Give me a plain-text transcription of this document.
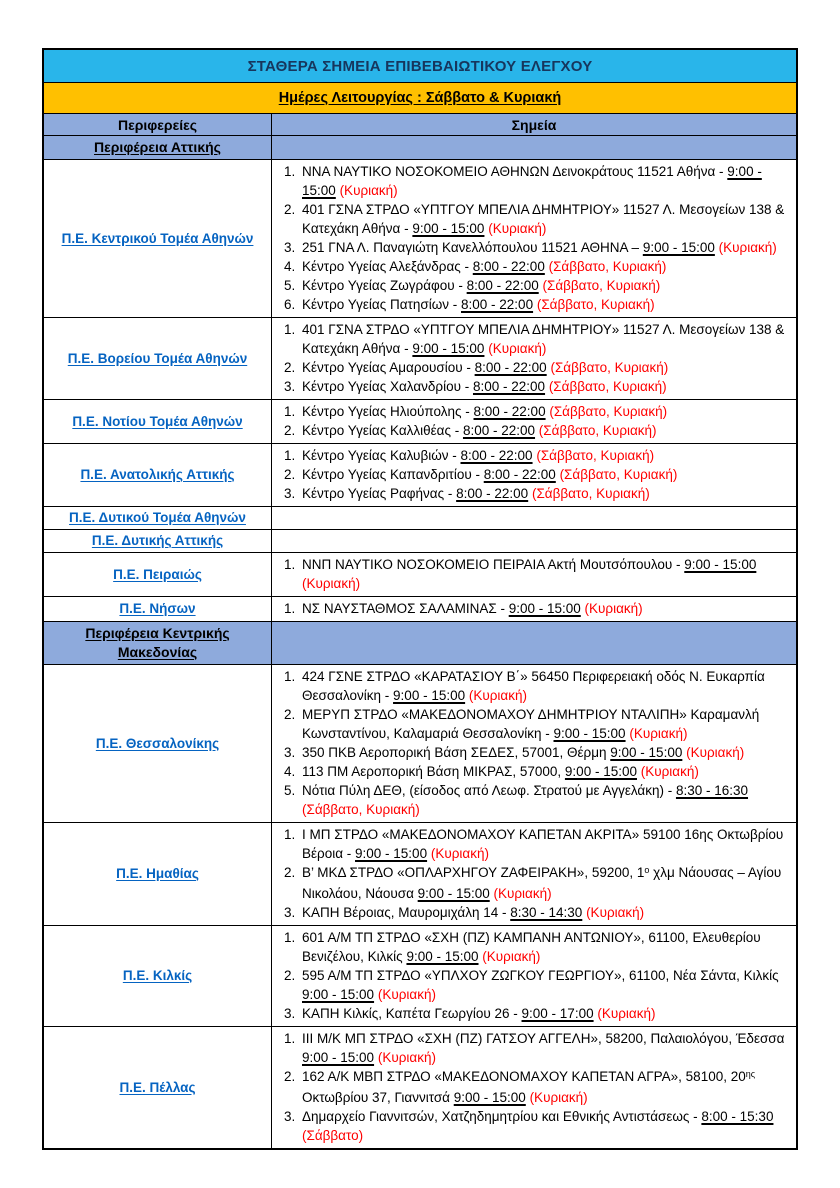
ΣΤΑΘΕΡΑ ΣΗΜΕΙΑ ΕΠΙΒΕΒΑΙΩΤΙΚΟΥ ΕΛΕΓΧΟΥ
Ημέρες Λειτουργίας : Σάββατο & Κυριακή
Περιφερείες	Σημεία
Περιφέρεια Αττικής
Π.Ε. Κεντρικού Τομέα Αθηνών
1. ΝΝΑ ΝΑΥΤΙΚΟ ΝΟΣΟΚΟΜΕΙΟ ΑΘΗΝΩΝ Δεινοκράτους 11521 Αθήνα - 9:00 - 15:00 (Κυριακή)
2. 401 ΓΣΝΑ ΣΤΡΔΟ «ΥΠΤΓΟΥ ΜΠΕΛΙΑ ΔΗΜΗΤΡΙΟΥ» 11527 Λ. Μεσογείων 138 & Κατεχάκη Αθήνα - 9:00 - 15:00 (Κυριακή)
3. 251 ΓΝΑ Λ. Παναγιώτη Κανελλόπουλου 11521 ΑΘΗΝΑ – 9:00 - 15:00 (Κυριακή)
4. Κέντρο Υγείας Αλεξάνδρας - 8:00 - 22:00 (Σάββατο, Κυριακή)
5. Κέντρο Υγείας Ζωγράφου - 8:00 - 22:00 (Σάββατο, Κυριακή)
6. Κέντρο Υγείας Πατησίων - 8:00 - 22:00 (Σάββατο, Κυριακή)
Π.Ε. Βορείου Τομέα Αθηνών
1. 401 ΓΣΝΑ ΣΤΡΔΟ «ΥΠΤΓΟΥ ΜΠΕΛΙΑ ΔΗΜΗΤΡΙΟΥ» 11527 Λ. Μεσογείων 138 & Κατεχάκη Αθήνα - 9:00 - 15:00 (Κυριακή)
2. Κέντρο Υγείας Αμαρουσίου - 8:00 - 22:00 (Σάββατο, Κυριακή)
3. Κέντρο Υγείας Χαλανδρίου - 8:00 - 22:00 (Σάββατο, Κυριακή)
Π.Ε. Νοτίου Τομέα Αθηνών
1. Κέντρο Υγείας Ηλιούπολης - 8:00 - 22:00 (Σάββατο, Κυριακή)
2. Κέντρο Υγείας Καλλιθέας - 8:00 - 22:00 (Σάββατο, Κυριακή)
Π.Ε. Ανατολικής Αττικής
1. Κέντρο Υγείας Καλυβιών - 8:00 - 22:00 (Σάββατο, Κυριακή)
2. Κέντρο Υγείας Καπανδριτίου - 8:00 - 22:00 (Σάββατο, Κυριακή)
3. Κέντρο Υγείας Ραφήνας - 8:00 - 22:00 (Σάββατο, Κυριακή)
Π.Ε. Δυτικού Τομέα Αθηνών
Π.Ε. Δυτικής Αττικής
Π.Ε. Πειραιώς
1. ΝΝΠ ΝΑΥΤΙΚΟ ΝΟΣΟΚΟΜΕΙΟ ΠΕΙΡΑΙΑ Ακτή Μουτσόπουλου - 9:00 - 15:00 (Κυριακή)
Π.Ε. Νήσων	1. ΝΣ ΝΑΥΣΤΑΘΜΟΣ ΣΑΛΑΜΙΝΑΣ - 9:00 - 15:00 (Κυριακή)
Περιφέρεια Κεντρικής Μακεδονίας
Π.Ε. Θεσσαλονίκης
1. 424 ΓΣΝΕ ΣΤΡΔΟ «ΚΑΡΑΤΑΣΙΟΥ Β΄» 56450 Περιφερειακή οδός Ν. Ευκαρπία Θεσσαλονίκη - 9:00 - 15:00 (Κυριακή)
2. ΜΕΡΥΠ ΣΤΡΔΟ «ΜΑΚΕΔΟΝΟΜΑΧΟΥ ΔΗΜΗΤΡΙΟΥ ΝΤΑΛΙΠΗ» Καραμανλή Κωνσταντίνου, Καλαμαριά Θεσσαλονίκη - 9:00 - 15:00 (Κυριακή)
3. 350 ΠΚΒ Αεροπορική Βάση ΣΕΔΕΣ, 57001, Θέρμη 9:00 - 15:00 (Κυριακή)
4. 113 ΠΜ Αεροπορική Βάση ΜΙΚΡΑΣ, 57000, 9:00 - 15:00 (Κυριακή)
5. Νότια Πύλη ΔΕΘ, (είσοδος από Λεωφ. Στρατού με Αγγελάκη) - 8:30 - 16:30 (Σάββατο, Κυριακή)
Π.Ε. Ημαθίας
1. Ι ΜΠ ΣΤΡΔΟ «ΜΑΚΕΔΟΝΟΜΑΧΟΥ ΚΑΠΕΤΑΝ ΑΚΡΙΤΑ» 59100 16ης Οκτωβρίου Βέροια - 9:00 - 15:00 (Κυριακή)
2. Β’ ΜΚΔ ΣΤΡΔΟ «ΟΠΛΑΡΧΗΓΟΥ ΖΑΦΕΙΡΑΚΗ», 59200, $1^o$ χλμ Νάουσας – Αγίου Νικολάου, Νάουσα 9:00 - 15:00 (Κυριακή)
3. ΚΑΠΗ Βέροιας, Μαυρομιχάλη 14 - 8:30 - 14:30 (Κυριακή)
Π.Ε. Κιλκίς
1. 601 Α/Μ ΤΠ ΣΤΡΔΟ «ΣΧΗ (ΠΖ) ΚΑΜΠΑΝΗ ΑΝΤΩΝΙΟΥ», 61100, Ελευθερίου Βενιζέλου, Κιλκίς 9:00 - 15:00 (Κυριακή)
2. 595 Α/Μ ΤΠ ΣΤΡΔΟ «ΥΠΛΧΟΥ ΖΩΓΚΟΥ ΓΕΩΡΓΙΟΥ», 61100, Νέα Σάντα, Κιλκίς 9:00 - 15:00 (Κυριακή)
3. ΚΑΠΗ Κιλκίς, Καπέτα Γεωργίου 26 - 9:00 - 17:00 (Κυριακή)
Π.Ε. Πέλλας
1. ΙΙΙ Μ/Κ ΜΠ ΣΤΡΔΟ «ΣΧΗ (ΠΖ) ΓΑΤΣΟΥ ΑΓΓΕΛΗ», 58200, Παλαιολόγου, Έδεσσα 9:00 - 15:00 (Κυριακή)
2. 162 Α/Κ ΜΒΠ ΣΤΡΔΟ «ΜΑΚΕΔΟΝΟΜΑΧΟΥ ΚΑΠΕΤΑΝ ΑΓΡΑ», 58100, $20^{\eta\varsigma}$ Οκτωβρίου 37, Γιαννιτσά 9:00 - 15:00 (Κυριακή)
3. Δημαρχείο Γιαννιτσών, Χατζηδημητρίου και Εθνικής Αντιστάσεως - 8:00 - 15:30 (Σάββατο)
